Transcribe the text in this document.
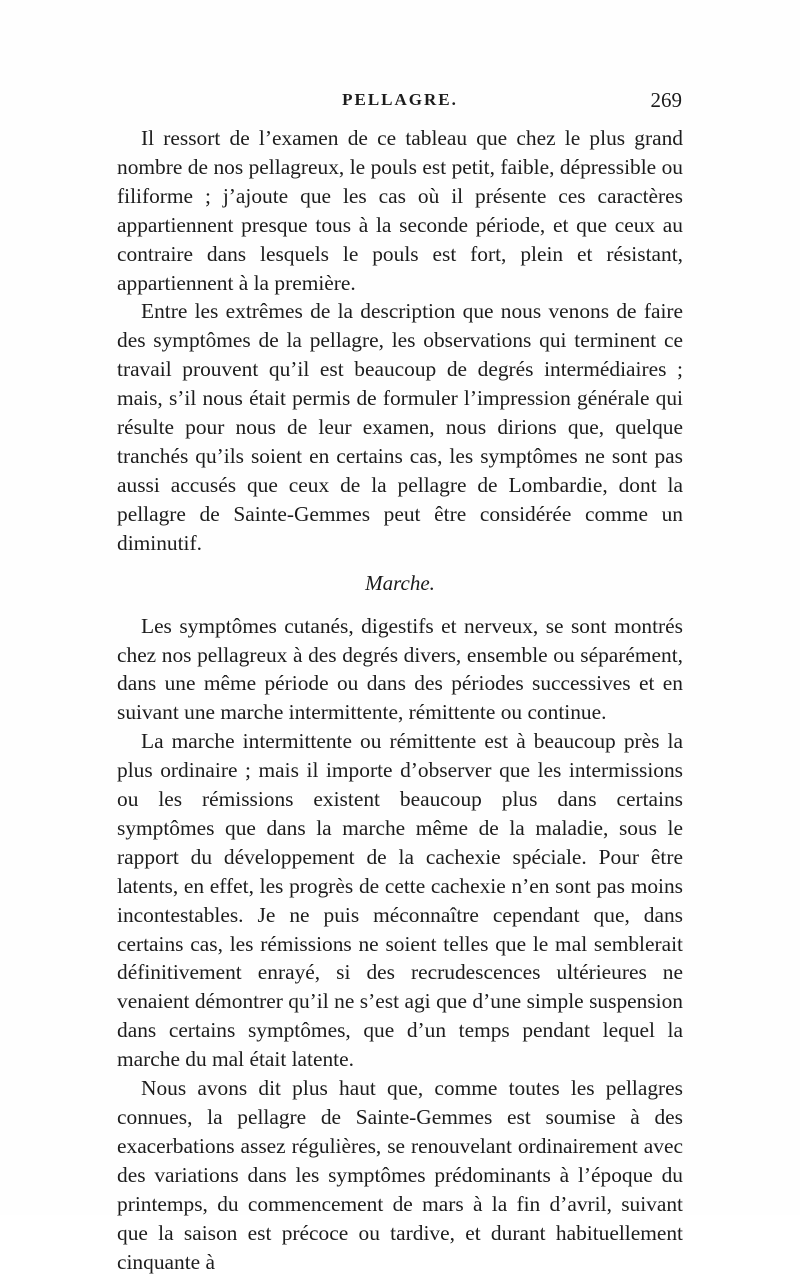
PELLAGRE.	269

Il ressort de l’examen de ce tableau que chez le plus grand nombre de nos pellagreux, le pouls est petit, faible, dépressible ou filiforme ; j’ajoute que les cas où il présente ces caractères appartiennent presque tous à la seconde période, et que ceux au contraire dans lesquels le pouls est fort, plein et résistant, appartiennent à la première.

Entre les extrêmes de la description que nous venons de faire des symptômes de la pellagre, les observations qui terminent ce travail prouvent qu’il est beaucoup de degrés intermédiaires ; mais, s’il nous était permis de formuler l’impression générale qui résulte pour nous de leur examen, nous dirions que, quelque tranchés qu’ils soient en certains cas, les symptômes ne sont pas aussi accusés que ceux de la pellagre de Lombardie, dont la pellagre de Sainte-Gemmes peut être considérée comme un diminutif.

Marche.

Les symptômes cutanés, digestifs et nerveux, se sont montrés chez nos pellagreux à des degrés divers, ensemble ou séparément, dans une même période ou dans des périodes successives et en suivant une marche intermittente, rémittente ou continue.

La marche intermittente ou rémittente est à beaucoup près la plus ordinaire ; mais il importe d’observer que les intermissions ou les rémissions existent beaucoup plus dans certains symptômes que dans la marche même de la maladie, sous le rapport du développement de la cachexie spéciale. Pour être latents, en effet, les progrès de cette cachexie n’en sont pas moins incontestables. Je ne puis méconnaître cependant que, dans certains cas, les rémissions ne soient telles que le mal semblerait définitivement enrayé, si des recrudescences ultérieures ne venaient démontrer qu’il ne s’est agi que d’une simple suspension dans certains symptômes, que d’un temps pendant lequel la marche du mal était latente.

Nous avons dit plus haut que, comme toutes les pellagres connues, la pellagre de Sainte-Gemmes est soumise à des exacerbations assez régulières, se renouvelant ordinairement avec des variations dans les symptômes prédominants à l’époque du printemps, du commencement de mars à la fin d’avril, suivant que la saison est précoce ou tardive, et durant habituellement cinquante à
